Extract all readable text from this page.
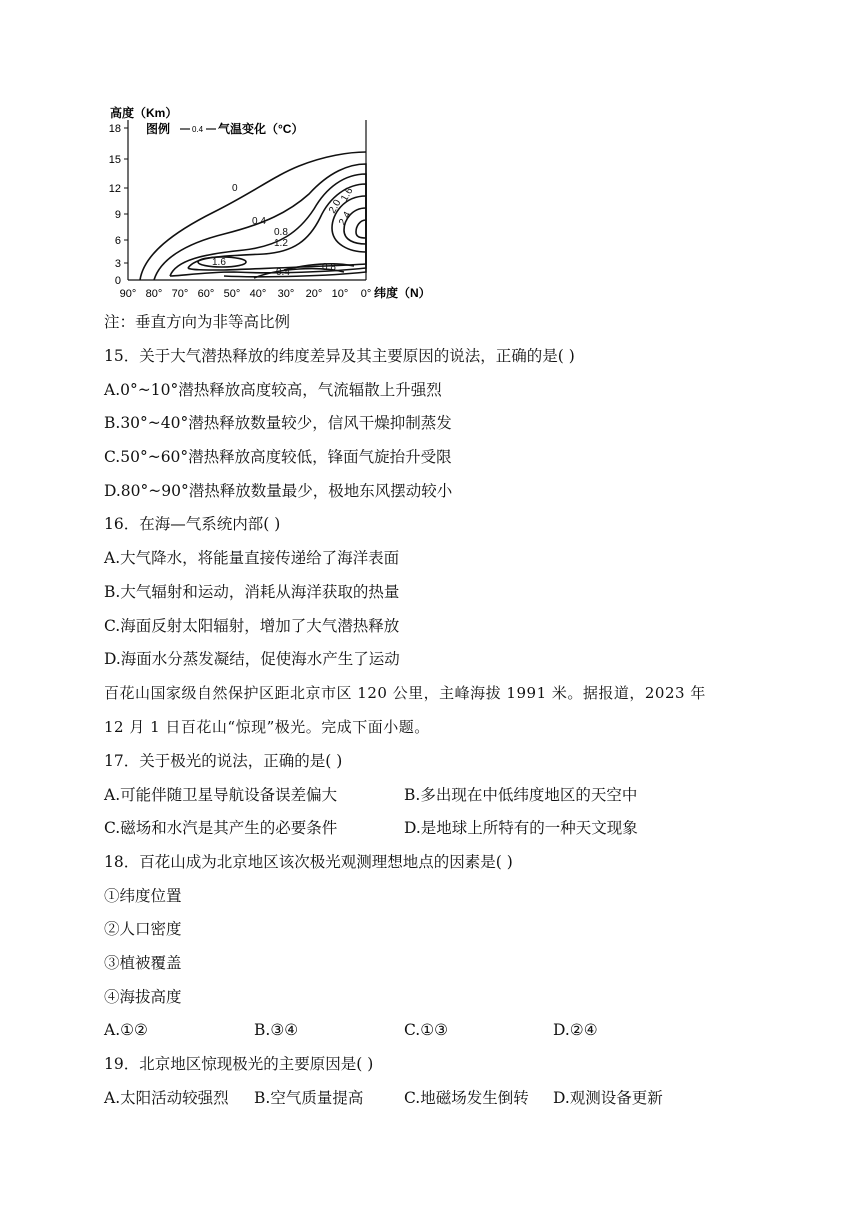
高度（Km）
图例	0.4 气温变化（°C）
18
15
12
9
6
3
0
90° 80° 70° 60° 50° 40° 30° 20° 10° 0° 纬度（N）
0
0.4
0.8
1.2
1.6
0.4	0.8
1.6
2.0
2.4
注：垂直方向为非等高比例
15．关于大气潜热释放的纬度差异及其主要原因的说法，正确的是( )
A.0°~10°潜热释放高度较高，气流辐散上升强烈
B.30°~40°潜热释放数量较少，信风干燥抑制蒸发
C.50°~60°潜热释放高度较低，锋面气旋抬升受限
D.80°~90°潜热释放数量最少，极地东风摆动较小
16．在海—气系统内部( )
A.大气降水，将能量直接传递给了海洋表面
B.大气辐射和运动，消耗从海洋获取的热量
C.海面反射太阳辐射，增加了大气潜热释放
D.海面水分蒸发凝结，促使海水产生了运动
百花山国家级自然保护区距北京市区 120 公里，主峰海拔 1991 米。据报道，2023 年
12 月 1 日百花山“惊现”极光。完成下面小题。
17．关于极光的说法，正确的是( )
A.可能伴随卫星导航设备误差偏大	B.多出现在中低纬度地区的天空中
C.磁场和水汽是其产生的必要条件	D.是地球上所特有的一种天文现象
18．百花山成为北京地区该次极光观测理想地点的因素是( )
①纬度位置
②人口密度
③植被覆盖
④海拔高度
A.①②	B.③④	C.①③	D.②④
19．北京地区惊现极光的主要原因是( )
A.太阳活动较强烈 B.空气质量提高	C.地磁场发生倒转 D.观测设备更新
